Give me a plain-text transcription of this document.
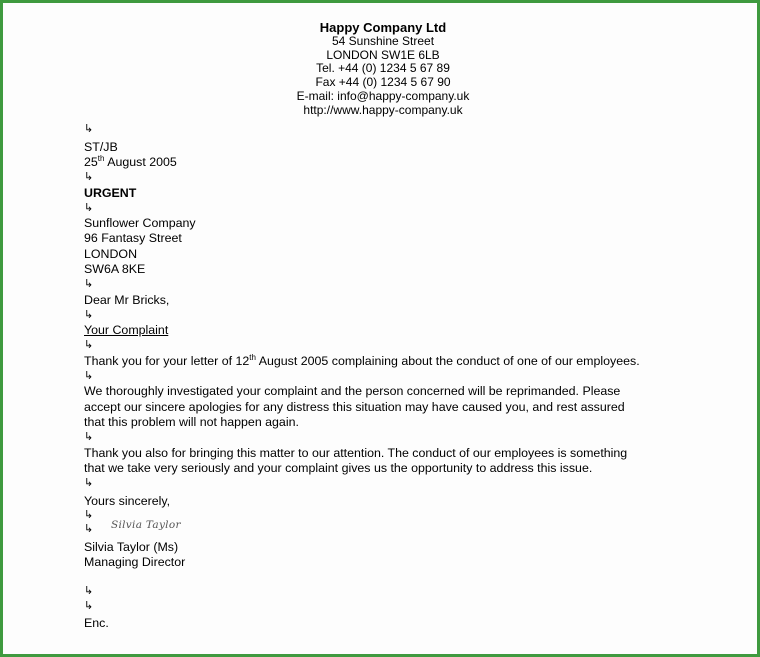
Happy Company Ltd
54 Sunshine Street
LONDON SW1E 6LB
Tel. +44 (0) 1234 5 67 89
Fax +44 (0) 1234 5 67 90
E-mail: info@happy-company.uk
http://www.happy-company.uk
↳
ST/JB
25th August 2005
↳
URGENT
↳
Sunflower Company
96 Fantasy Street
LONDON
SW6A 8KE
↳
Dear Mr Bricks,
↳
Your Complaint
↳
Thank you for your letter of 12th August 2005 complaining about the conduct of one of our employees.
↳
We thoroughly investigated your complaint and the person concerned will be reprimanded. Please
accept our sincere apologies for any distress this situation may have caused you, and rest assured
that this problem will not happen again.
↳
Thank you also for bringing this matter to our attention. The conduct of our employees is something
that we take very seriously and your complaint gives us the opportunity to address this issue.
↳
Yours sincerely,
↳
↳ Silvia Taylor
Silvia Taylor (Ms)
Managing Director
↳
↳
Enc.
